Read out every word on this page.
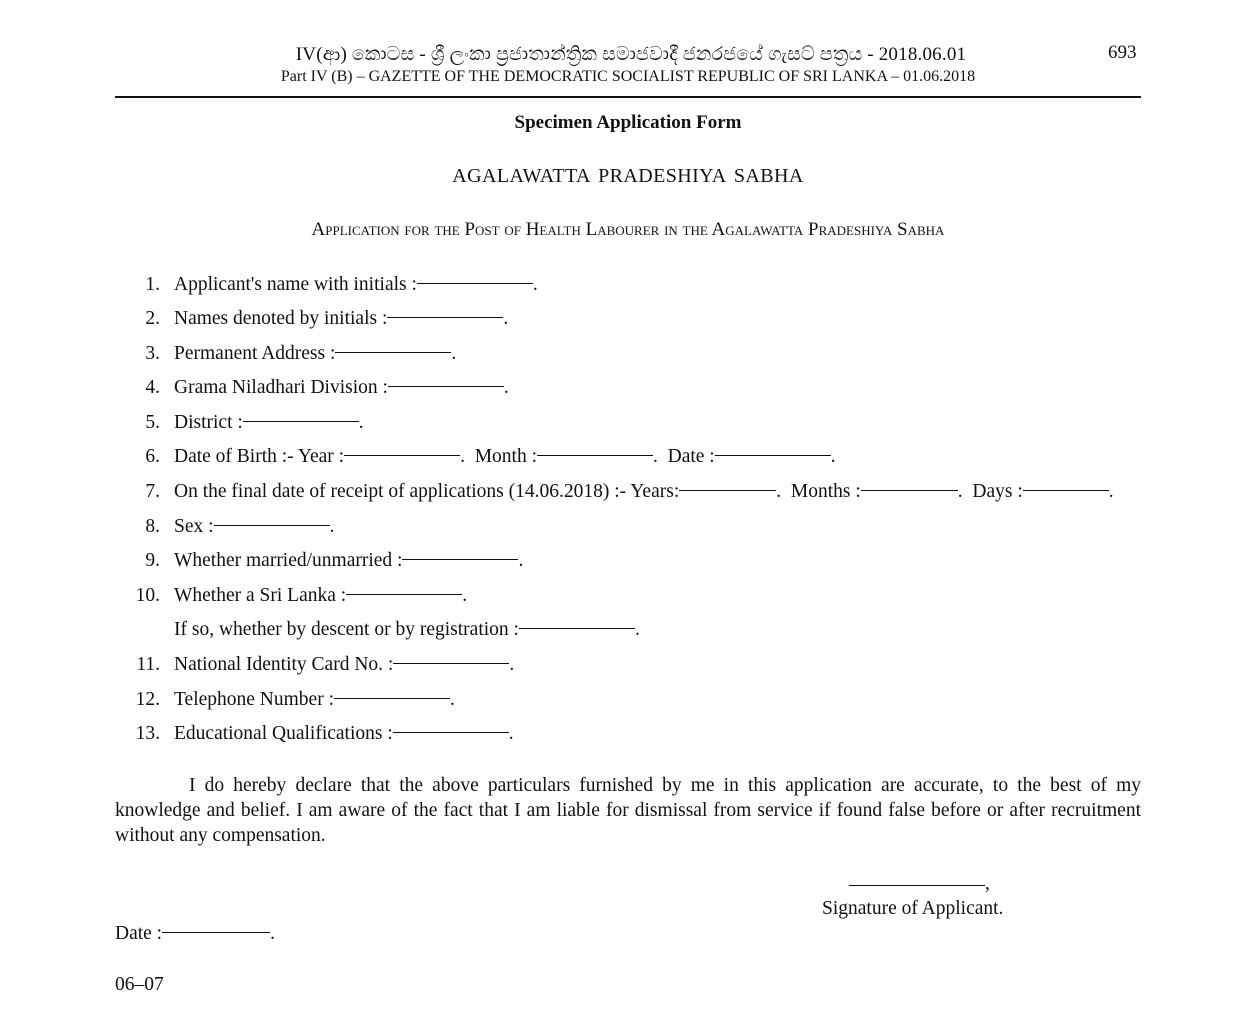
IV(ආ) කොටස - ශ්‍රී ලංකා ප්‍රජාතාන්ත්‍රික සමාජවාදී ජනරජයේ ගැසට් පත්‍රය - 2018.06.01
Part IV (B) – GAZETTE OF THE DEMOCRATIC SOCIALIST REPUBLIC OF SRI LANKA – 01.06.2018
693
Specimen Application Form
AGALAWATTA PRADESHIYA SABHA
Application for the Post of Health Labourer in the Agalawatta Pradeshiya Sabha
1. Applicant's name with initials :	.
2. Names denoted by initials :	.
3. Permanent Address :	.
4. Grama Niladhari Division :	.
5. District :	.
6. Date of Birth :- Year :	.  Month :	.  Date :	.
7. On the final date of receipt of applications (14.06.2018) :- Years:	.  Months :	.  Days :	.
8. Sex :	.
9. Whether married/unmarried :	.
10. Whether a Sri Lanka :	.
If so, whether by descent or by registration :	.
11. National Identity Card No. :	.
12. Telephone Number :	.
13. Educational Qualifications :	.
I do hereby declare that the above particulars furnished by me in this application are accurate, to the best of my knowledge and belief. I am aware of the fact that I am liable for dismissal from service if found false before or after recruitment without any compensation.
,
Signature of Applicant.
Date :	.
06–07
